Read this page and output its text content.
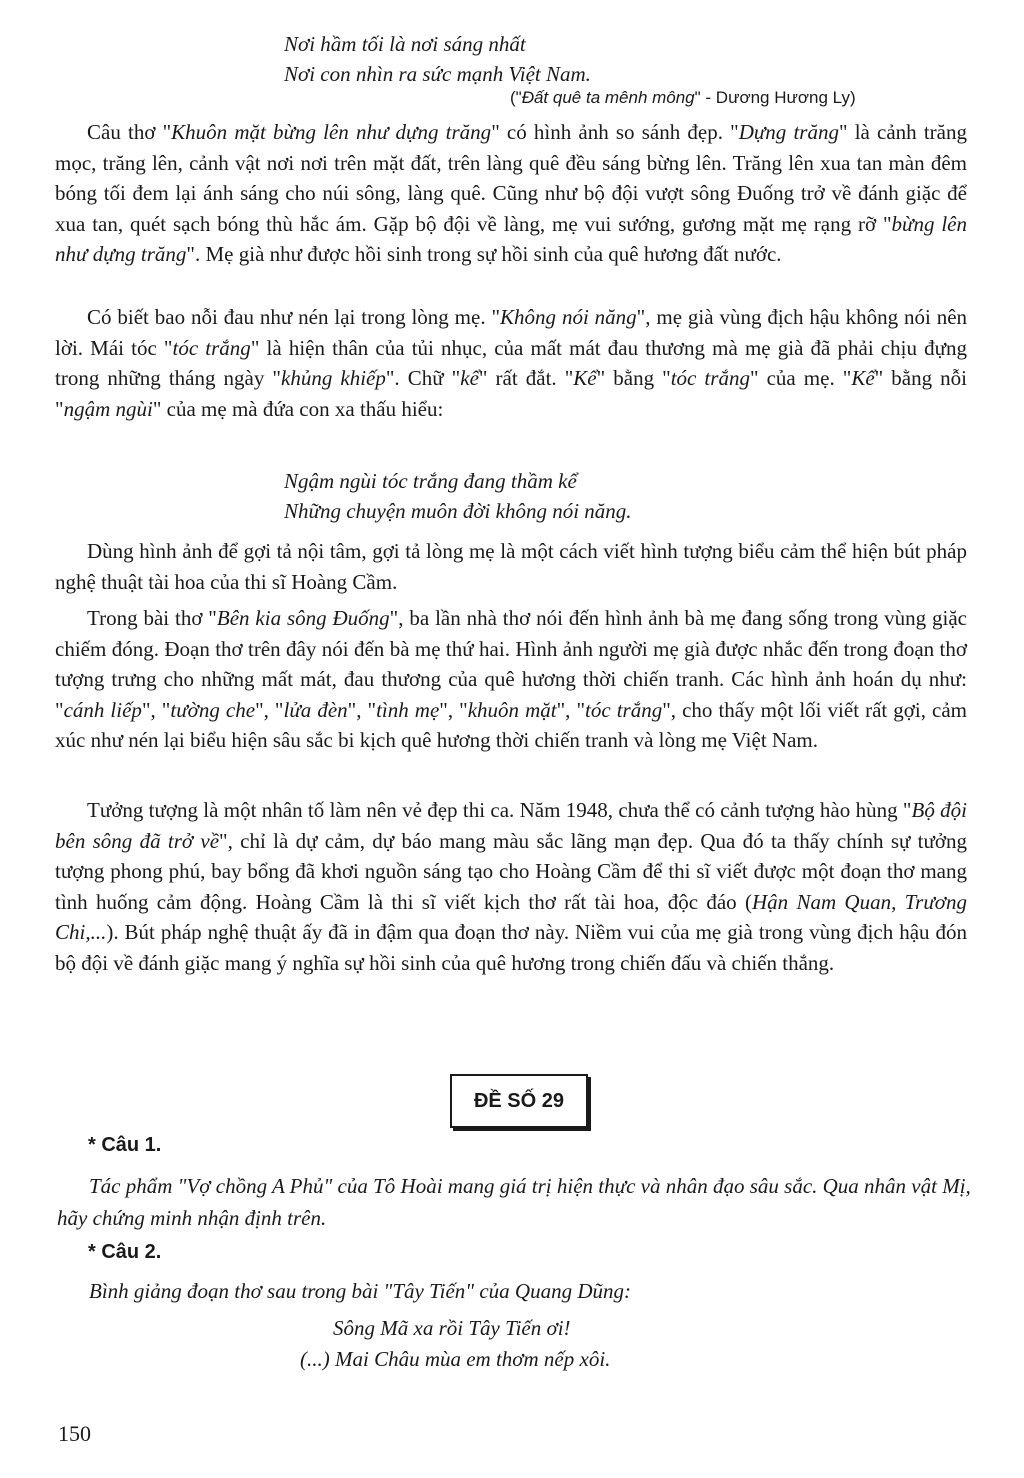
Nơi hầm tối là nơi sáng nhất
Nơi con nhìn ra sức mạnh Việt Nam.
("Đất quê ta mênh mông" - Dương Hương Ly)

Câu thơ "Khuôn mặt bừng lên như dựng trăng" có hình ảnh so sánh đẹp. "Dựng trăng" là cảnh trăng mọc, trăng lên, cảnh vật nơi nơi trên mặt đất, trên làng quê đều sáng bừng lên. Trăng lên xua tan màn đêm bóng tối đem lại ánh sáng cho núi sông, làng quê. Cũng như bộ đội vượt sông Đuống trở về đánh giặc để xua tan, quét sạch bóng thù hắc ám. Gặp bộ đội về làng, mẹ vui sướng, gương mặt mẹ rạng rỡ "bừng lên như dựng trăng". Mẹ già như được hồi sinh trong sự hồi sinh của quê hương đất nước.

Có biết bao nỗi đau như nén lại trong lòng mẹ. "Không nói năng", mẹ già vùng địch hậu không nói nên lời. Mái tóc "tóc trắng" là hiện thân của tủi nhục, của mất mát đau thương mà mẹ già đã phải chịu đựng trong những tháng ngày "khủng khiếp". Chữ "kể" rất đắt. "Kể" bằng "tóc trắng" của mẹ. "Kể" bằng nỗi "ngậm ngùi" của mẹ mà đứa con xa thấu hiểu:

Ngậm ngùi tóc trắng đang thầm kể
Những chuyện muôn đời không nói năng.

Dùng hình ảnh để gợi tả nội tâm, gợi tả lòng mẹ là một cách viết hình tượng biểu cảm thể hiện bút pháp nghệ thuật tài hoa của thi sĩ Hoàng Cầm.

Trong bài thơ "Bên kia sông Đuống", ba lần nhà thơ nói đến hình ảnh bà mẹ đang sống trong vùng giặc chiếm đóng. Đoạn thơ trên đây nói đến bà mẹ thứ hai. Hình ảnh người mẹ già được nhắc đến trong đoạn thơ tượng trưng cho những mất mát, đau thương của quê hương thời chiến tranh. Các hình ảnh hoán dụ như: "cánh liếp", "tường che", "lửa đèn", "tình mẹ", "khuôn mặt", "tóc trắng", cho thấy một lối viết rất gợi, cảm xúc như nén lại biểu hiện sâu sắc bi kịch quê hương thời chiến tranh và lòng mẹ Việt Nam.

Tưởng tượng là một nhân tố làm nên vẻ đẹp thi ca. Năm 1948, chưa thể có cảnh tượng hào hùng "Bộ đội bên sông đã trở về", chỉ là dự cảm, dự báo mang màu sắc lãng mạn đẹp. Qua đó ta thấy chính sự tưởng tượng phong phú, bay bổng đã khơi nguồn sáng tạo cho Hoàng Cầm để thi sĩ viết được một đoạn thơ mang tình huống cảm động. Hoàng Cầm là thi sĩ viết kịch thơ rất tài hoa, độc đáo (Hận Nam Quan, Trương Chi,...). Bút pháp nghệ thuật ấy đã in đậm qua đoạn thơ này. Niềm vui của mẹ già trong vùng địch hậu đón bộ đội về đánh giặc mang ý nghĩa sự hồi sinh của quê hương trong chiến đấu và chiến thắng.

ĐỀ SỐ 29
* Câu 1.

Tác phẩm "Vợ chồng A Phủ" của Tô Hoài mang giá trị hiện thực và nhân đạo sâu sắc. Qua nhân vật Mị, hãy chứng minh nhận định trên.

* Câu 2.

Bình giảng đoạn thơ sau trong bài "Tây Tiến" của Quang Dũng:

Sông Mã xa rồi Tây Tiến ơi!
(...) Mai Châu mùa em thơm nếp xôi.
150
